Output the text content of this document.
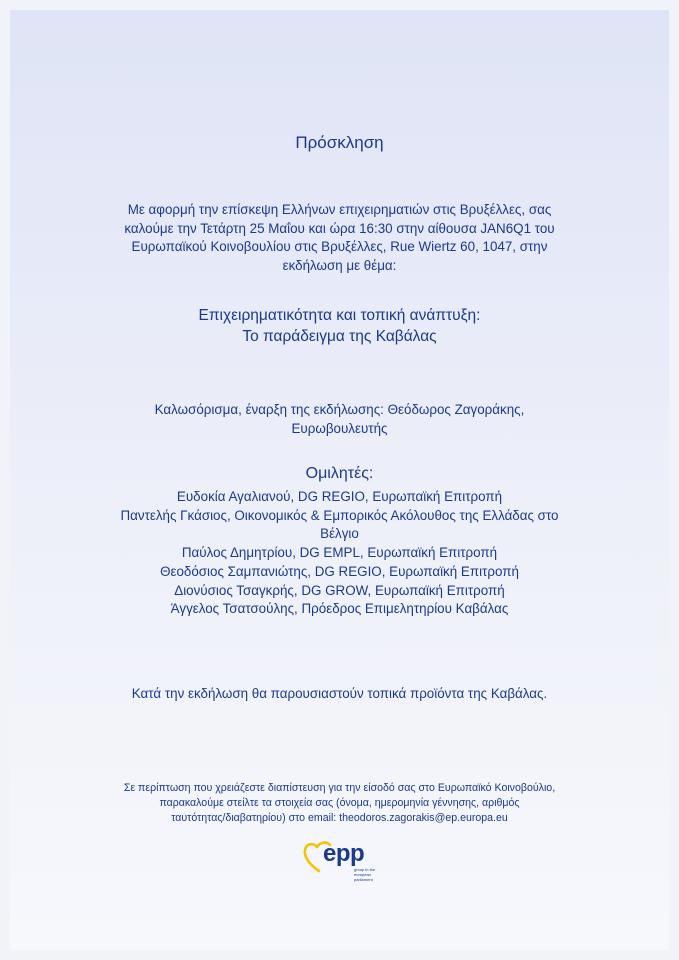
Πρόσκληση
Με αφορμή την επίσκεψη Ελλήνων επιχειρηματιών στις Βρυξέλλες, σας
καλούμε την Τετάρτη 25 Μαΐου και ώρα 16:30 στην αίθουσα JAN6Q1 του
Ευρωπαϊκού Κοινοβουλίου στις Βρυξέλλες, Rue Wiertz 60, 1047, στην
εκδήλωση με θέμα:
Επιχειρηματικότητα και τοπική ανάπτυξη:
Το παράδειγμα της Καβάλας
Καλωσόρισμα, έναρξη της εκδήλωσης: Θεόδωρος Ζαγοράκης,
Ευρωβουλευτής
Ομιλητές:
Ευδοκία Αγαλιανού, DG REGIO, Ευρωπαϊκή Επιτροπή
Παντελής Γκάσιος, Οικονομικός & Εμπορικός Ακόλουθος της Ελλάδας στο
Βέλγιο
Παύλος Δημητρίου, DG EMPL, Ευρωπαϊκή Επιτροπή
Θεοδόσιος Σαμπανιώτης, DG REGIO, Ευρωπαϊκή Επιτροπή
Διονύσιος Τσαγκρής, DG GROW, Ευρωπαϊκή Επιτροπή
Άγγελος Τσατσούλης, Πρόεδρος Επιμελητηρίου Καβάλας
Κατά την εκδήλωση θα παρουσιαστούν τοπικά προϊόντα της Καβάλας.
Σε περίπτωση που χρειάζεστε διαπίστευση για την είσοδό σας στο Ευρωπαϊκό Κοινοβούλιο,
παρακαλούμε στείλτε τα στοιχεία σας (όνομα, ημερομηνία γέννησης, αριθμός
ταυτότητας/διαβατηρίου) στο email: theodoros.zagorakis@ep.europa.eu
epp
group in the european parliament
